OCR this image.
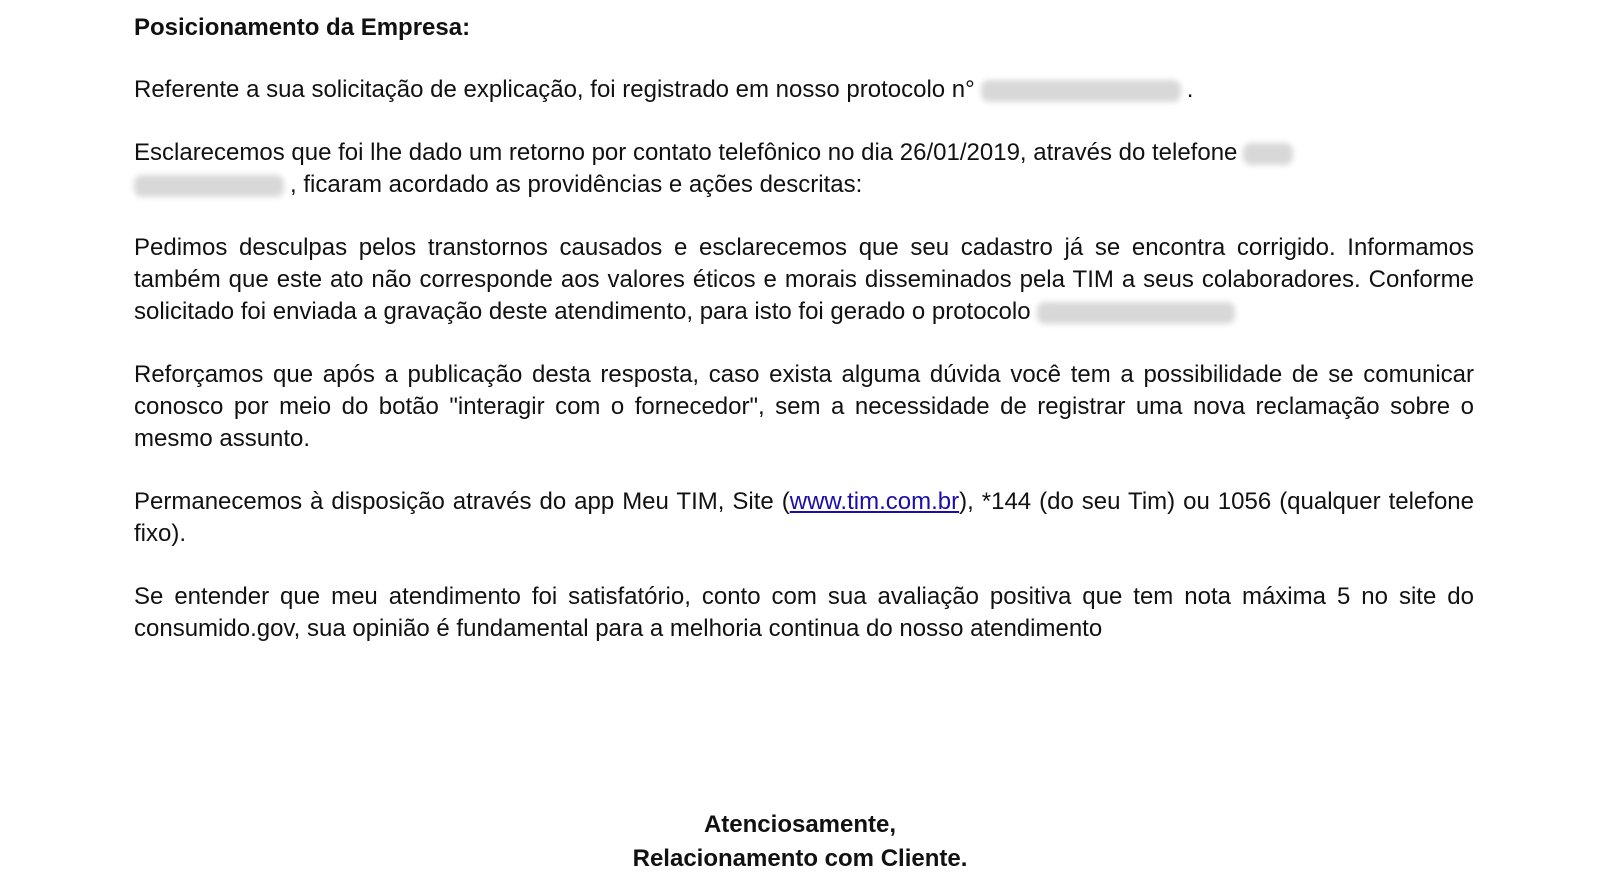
Posicionamento da Empresa:

Referente a sua solicitação de explicação, foi registrado em nosso protocolo n°	.

Esclarecemos que foi lhe dado um retorno por contato telefônico no dia 26/01/2019, através do telefone
, ficaram acordado as providências e ações descritas:

Pedimos desculpas pelos transtornos causados e esclarecemos que seu cadastro já se encontra corrigido. Informamos também que este ato não corresponde aos valores éticos e morais disseminados pela TIM a seus colaboradores. Conforme solicitado foi enviada a gravação deste atendimento, para isto foi gerado o protocolo

Reforçamos que após a publicação desta resposta, caso exista alguma dúvida você tem a possibilidade de se comunicar conosco por meio do botão "interagir com o fornecedor", sem a necessidade de registrar uma nova reclamação sobre o mesmo assunto.

Permanecemos à disposição através do app Meu TIM, Site (www.tim.com.br), *144 (do seu Tim) ou 1056 (qualquer telefone fixo).

Se entender que meu atendimento foi satisfatório, conto com sua avaliação positiva que tem nota máxima 5 no site do consumido.gov, sua opinião é fundamental para a melhoria continua do nosso atendimento

Atenciosamente,
Relacionamento com Cliente.
